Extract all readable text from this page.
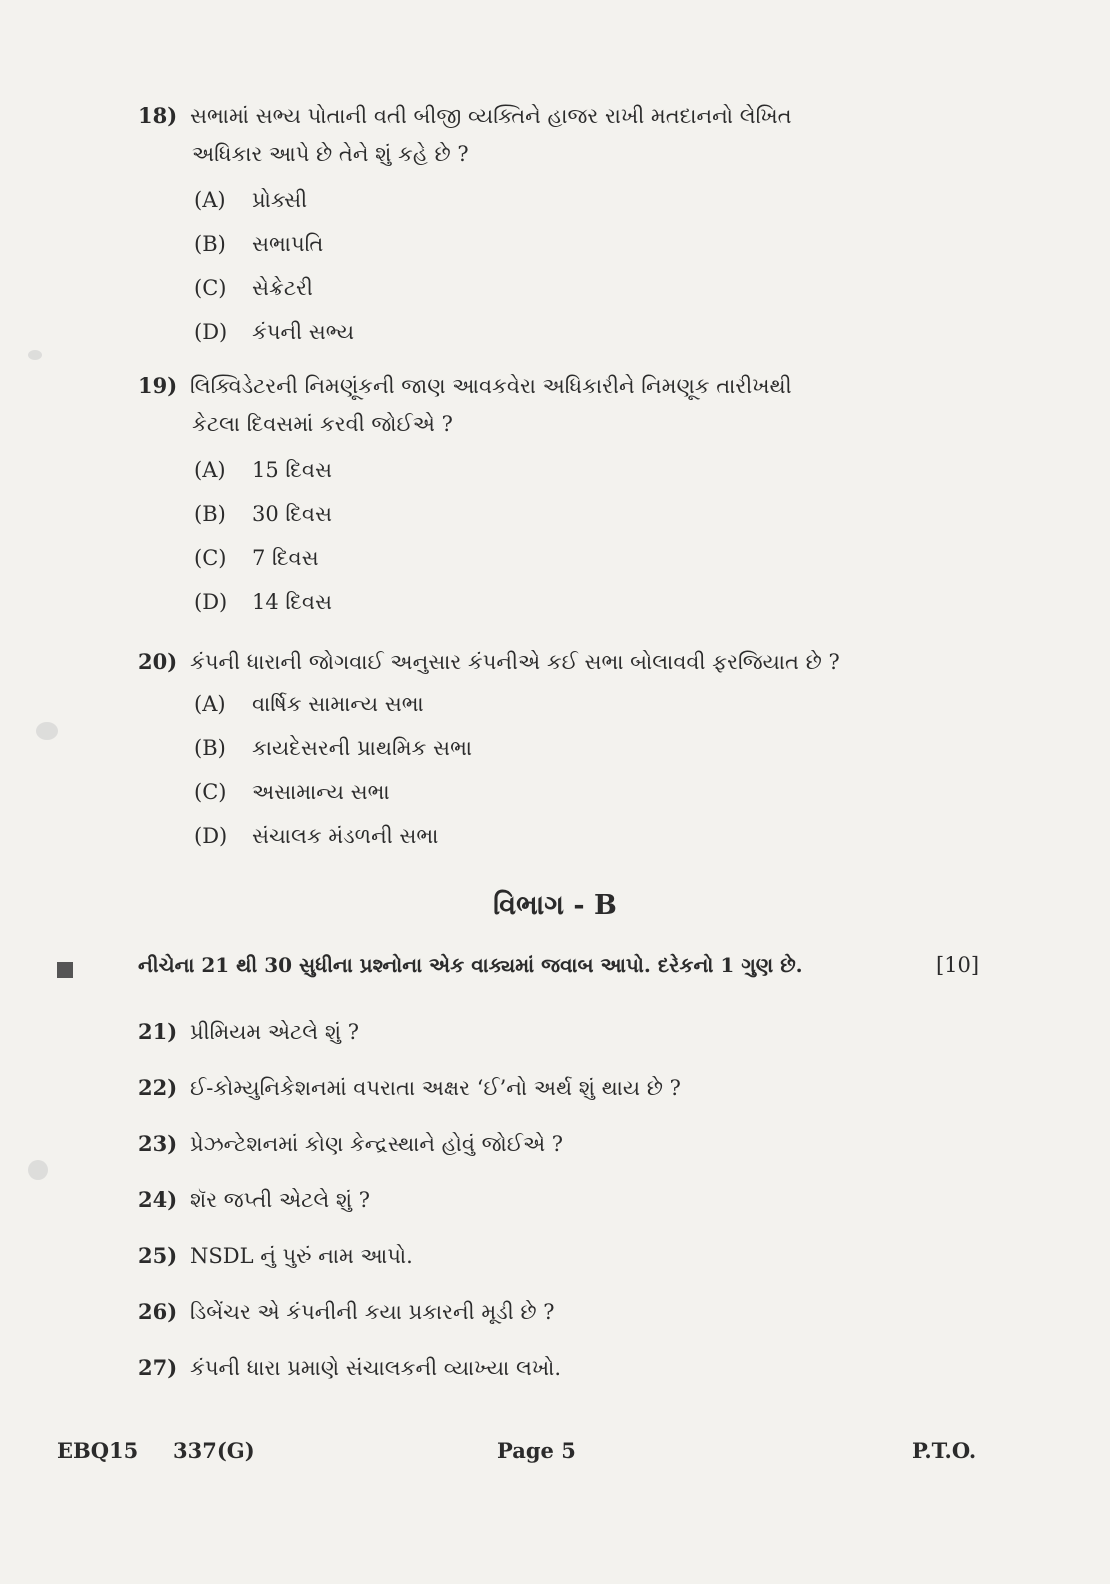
18) સભામાં સભ્ય પોતાની વતી બીજી વ્યક્તિને હાજર રાખી મતદાનનો લેખિત
અધિકાર આપે છે તેને શું કહે છે ?
(A) પ્રોક્સી
(B) સભાપતિ
(C) સેક્રેટરી
(D) કંપની સભ્ય
19) લિક્વિડેટરની નિમણૂંકની જાણ આવકવેરા અધિકારીને નિમણૂક તારીખથી
કેટલા દિવસમાં કરવી જોઈએ ?
(A) 15 દિવસ
(B) 30 દિવસ
(C) 7 દિવસ
(D) 14 દિવસ
20) કંપની ધારાની જોગવાઈ અનુસાર કંપનીએ કઈ સભા બોલાવવી ફરજિયાત છે ?
(A) વાર્ષિક સામાન્ય સભા
(B) કાયદેસરની પ્રાથમિક સભા
(C) અસામાન્ય સભા
(D) સંચાલક મંડળની સભા
વિભાગ - B
નીચેના 21 થી 30 સુધીના પ્રશ્નોના એક વાક્યમાં જવાબ આપો. દરેકનો 1 ગુણ છે.	[10]
21) પ્રીમિયમ એટલે શું ?
22) ઈ-કોમ્યુનિકેશનમાં વપરાતા અક્ષર ‘ઈ’નો અર્થ શું થાય છે ?
23) પ્રેઝન્ટેશનમાં કોણ કેન્દ્રસ્થાને હોવું જોઈએ ?
24) શૅર જપ્તી એટલે શું ?
25) NSDL નું પુરું નામ આપો.
26) ડિબેંચર એ કંપનીની કયા પ્રકારની મૂડી છે ?
27) કંપની ધારા પ્રમાણે સંચાલકની વ્યાખ્યા લખો.
EBQ15 337(G)	Page 5	P.T.O.
